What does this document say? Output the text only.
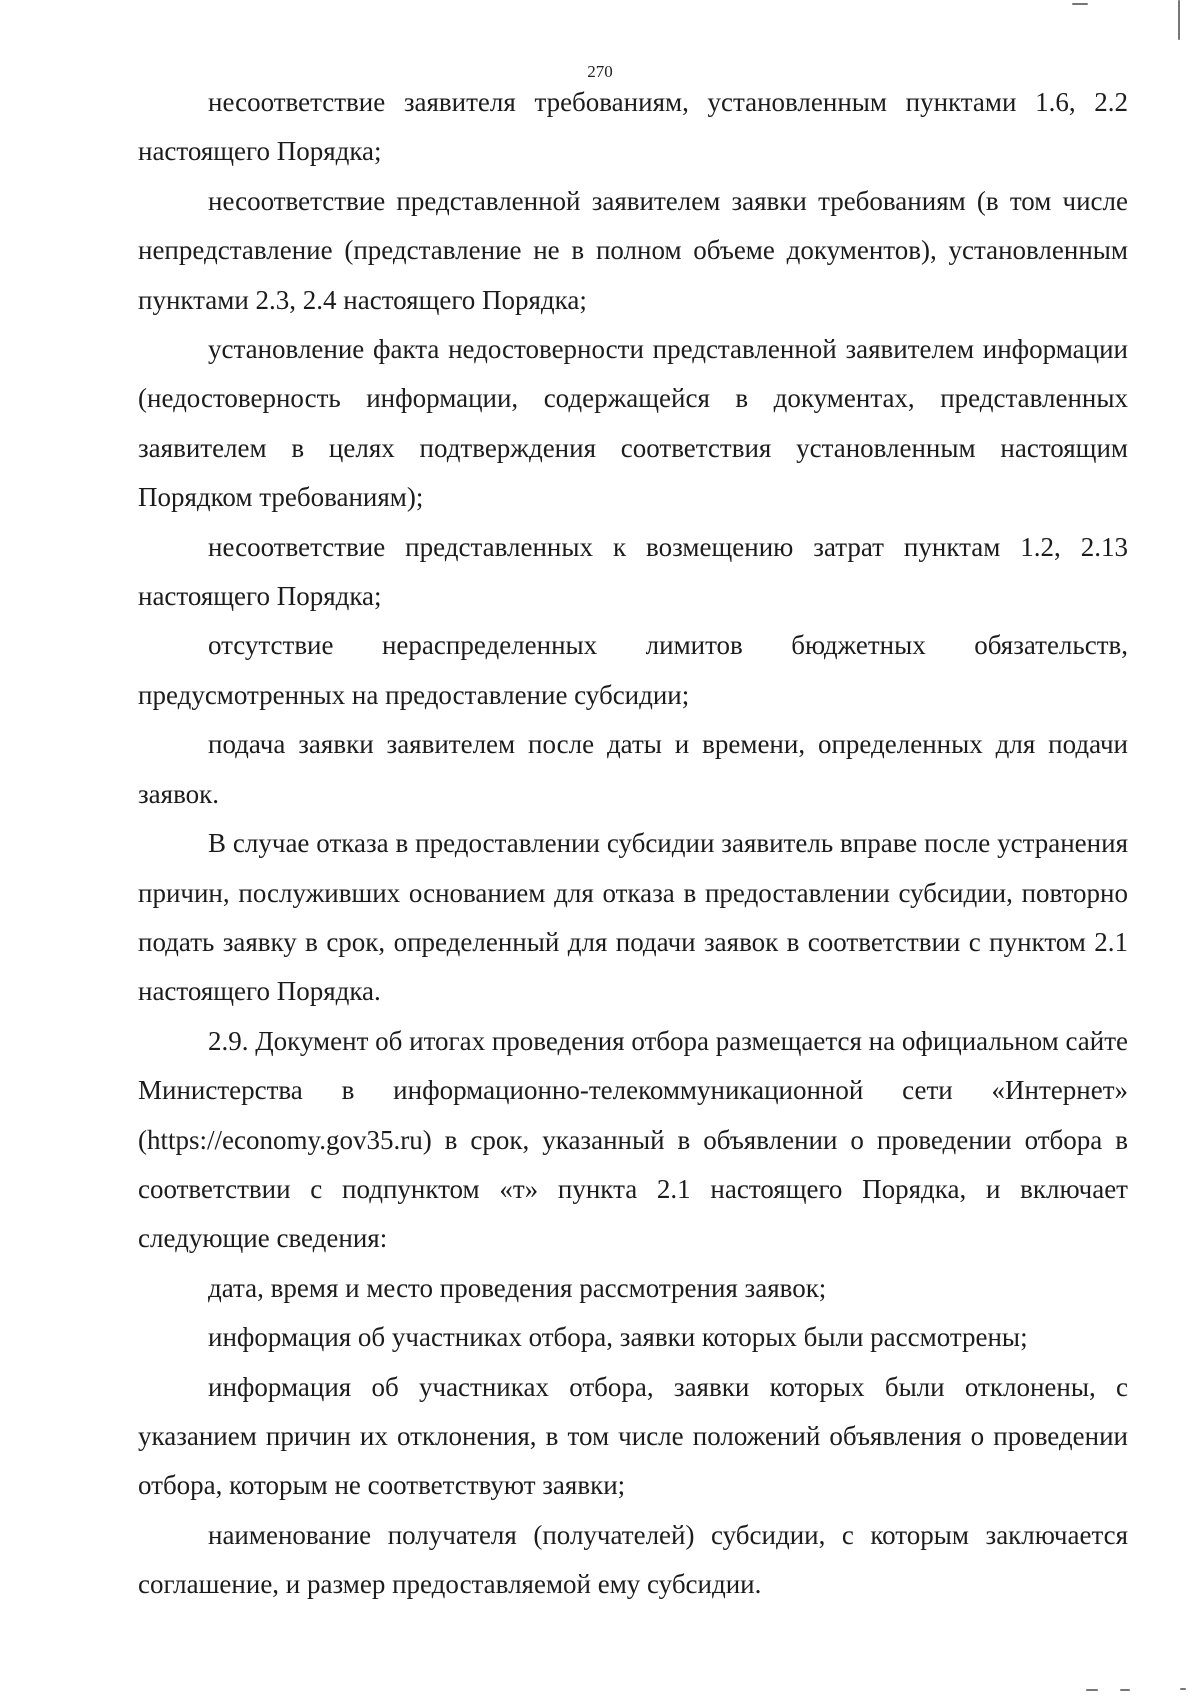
270

несоответствие заявителя требованиям, установленным пунктами 1.6, 2.2 настоящего Порядка;

несоответствие представленной заявителем заявки требованиям (в том числе непредставление (представление не в полном объеме документов), установленным пунктами 2.3, 2.4 настоящего Порядка;

установление факта недостоверности представленной заявителем информации (недостоверность информации, содержащейся в документах, представленных заявителем в целях подтверждения соответствия установленным настоящим Порядком требованиям);

несоответствие представленных к возмещению затрат пунктам 1.2, 2.13 настоящего Порядка;

отсутствие нераспределенных лимитов бюджетных обязательств, предусмотренных на предоставление субсидии;

подача заявки заявителем после даты и времени, определенных для подачи заявок.

В случае отказа в предоставлении субсидии заявитель вправе после устранения причин, послуживших основанием для отказа в предоставлении субсидии, повторно подать заявку в срок, определенный для подачи заявок в соответствии с пунктом 2.1 настоящего Порядка.

2.9. Документ об итогах проведения отбора размещается на официальном сайте Министерства в информационно-телекоммуникационной сети «Интернет» (https://economy.gov35.ru) в срок, указанный в объявлении о проведении отбора в соответствии с подпунктом «т» пункта 2.1 настоящего Порядка, и включает следующие сведения:

дата, время и место проведения рассмотрения заявок;

информация об участниках отбора, заявки которых были рассмотрены;

информация об участниках отбора, заявки которых были отклонены, с указанием причин их отклонения, в том числе положений объявления о проведении отбора, которым не соответствуют заявки;

наименование получателя (получателей) субсидии, с которым заключается соглашение, и размер предоставляемой ему субсидии.
